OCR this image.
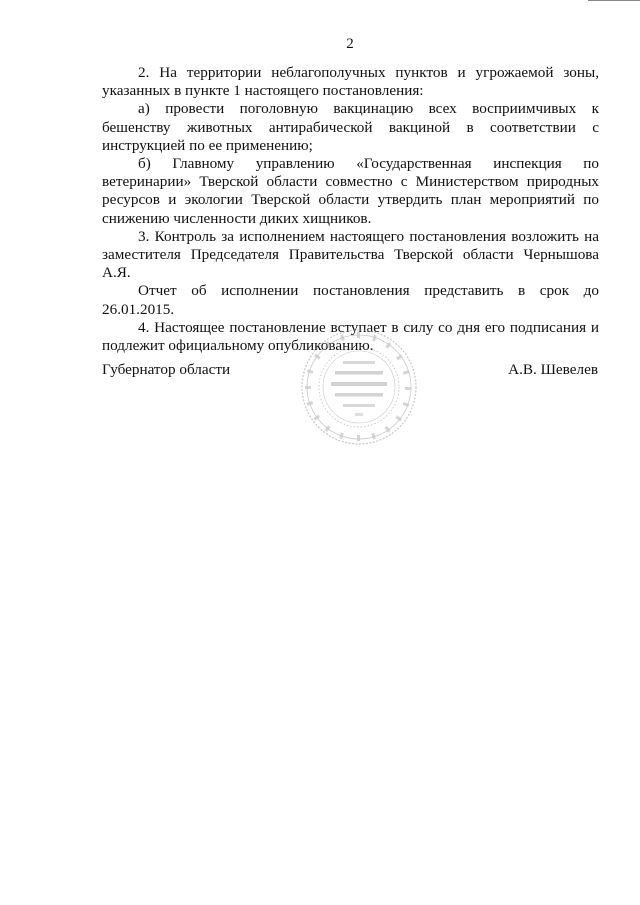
2

2. На территории неблагополучных пунктов и угрожаемой зоны, указанных в пункте 1 настоящего постановления:

а) провести поголовную вакцинацию всех восприимчивых к бешенству животных антирабической вакциной в соответствии с инструкцией по ее применению;

б) Главному управлению «Государственная инспекция по ветеринарии» Тверской области совместно с Министерством природных ресурсов и экологии Тверской области утвердить план мероприятий по снижению численности диких хищников.

3. Контроль за исполнением настоящего постановления возложить на заместителя Председателя Правительства Тверской области Чернышова А.Я.

Отчет об исполнении постановления представить в срок до 26.01.2015.

4. Настоящее постановление вступает в силу со дня его подписания и подлежит официальному опубликованию.

Губернатор области	А.В. Шевелев
